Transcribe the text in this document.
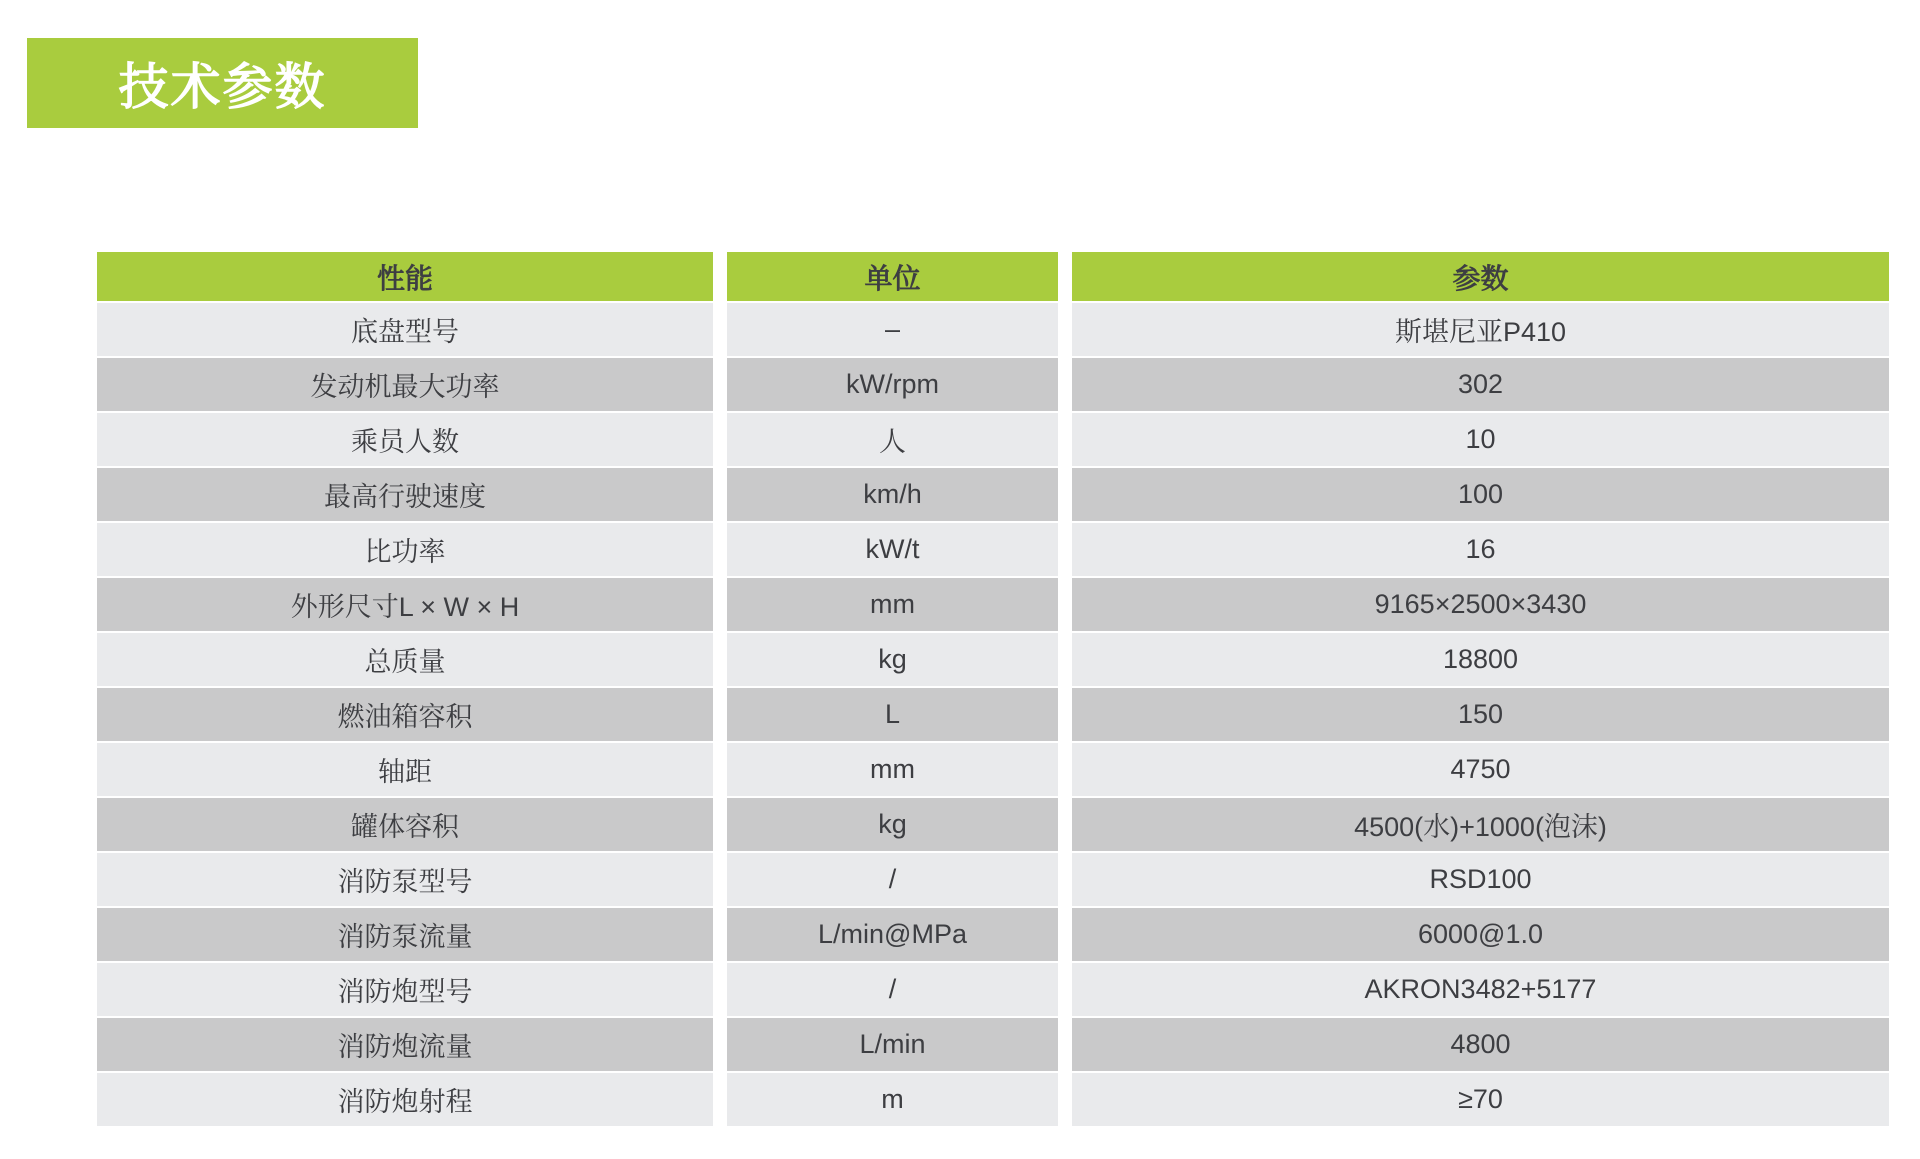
技术参数
性能	单位	参数
底盘型号	–	斯堪尼亚P410
发动机最大功率	kW/rpm	302
乘员人数	人	10
最高行驶速度	km/h	100
比功率	kW/t	16
外形尺寸L × W × H	mm	9165×2500×3430
总质量	kg	18800
燃油箱容积	L	150
轴距	mm	4750
罐体容积	kg	4500(水)+1000(泡沫)
消防泵型号	/	RSD100
消防泵流量	L/min@MPa	6000@1.0
消防炮型号	/	AKRON3482+5177
消防炮流量	L/min	4800
消防炮射程	m	≥70
